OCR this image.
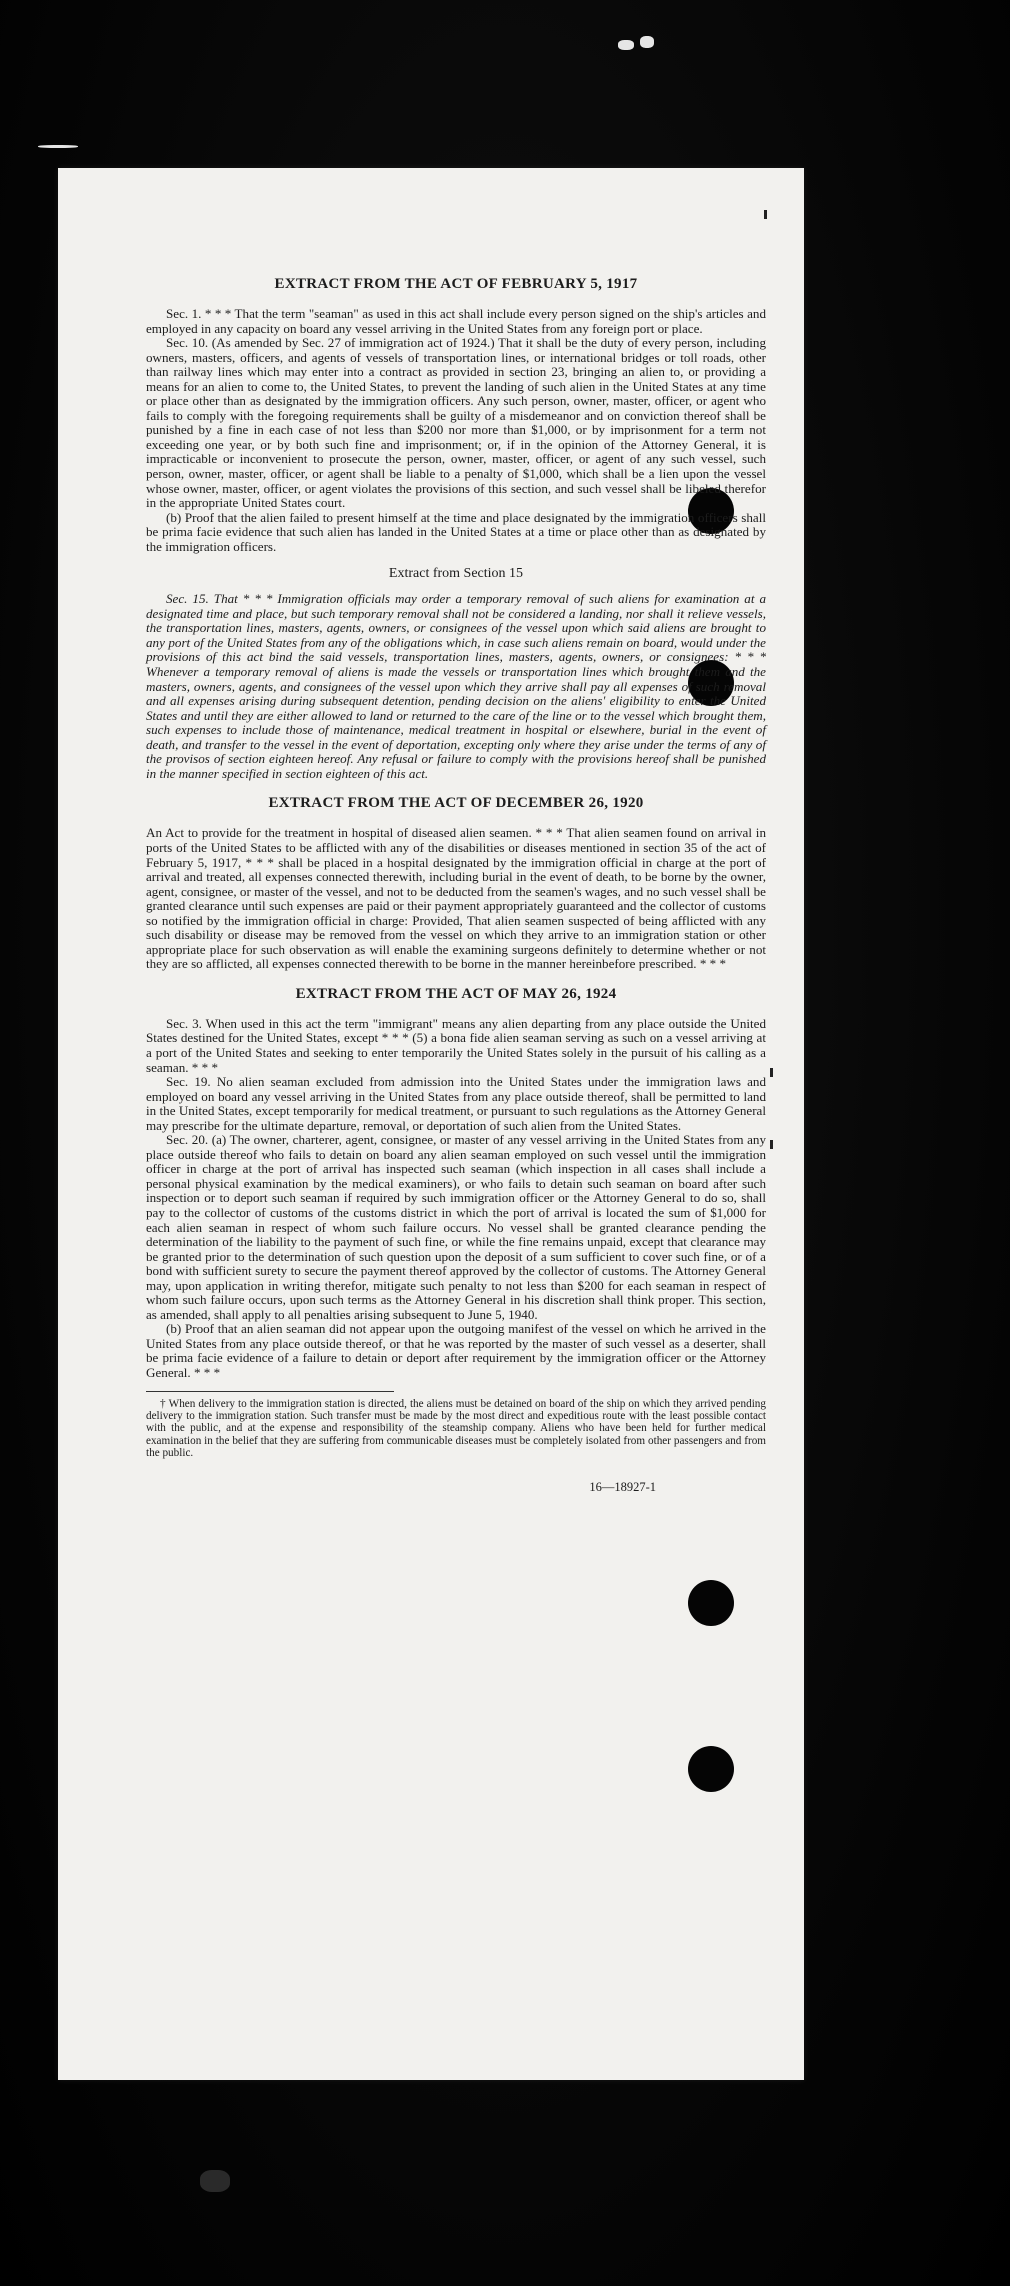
EXTRACT FROM THE ACT OF FEBRUARY 5, 1917

Sec. 1. * * * That the term "seaman" as used in this act shall include every person signed on the ship's articles and employed in any capacity on board any vessel arriving in the United States from any foreign port or place.

Sec. 10. (As amended by Sec. 27 of immigration act of 1924.) That it shall be the duty of every person, including owners, masters, officers, and agents of vessels of transportation lines, or international bridges or toll roads, other than railway lines which may enter into a contract as provided in section 23, bringing an alien to, or providing a means for an alien to come to, the United States, to prevent the landing of such alien in the United States at any time or place other than as designated by the immigration officers. Any such person, owner, master, officer, or agent who fails to comply with the foregoing requirements shall be guilty of a misdemeanor and on conviction thereof shall be punished by a fine in each case of not less than $200 nor more than $1,000, or by imprisonment for a term not exceeding one year, or by both such fine and imprisonment; or, if in the opinion of the Attorney General, it is impracticable or inconvenient to prosecute the person, owner, master, officer, or agent of any such vessel, such person, owner, master, officer, or agent shall be liable to a penalty of $1,000, which shall be a lien upon the vessel whose owner, master, officer, or agent violates the provisions of this section, and such vessel shall be libeled therefor in the appropriate United States court.

(b) Proof that the alien failed to present himself at the time and place designated by the immigration officers shall be prima facie evidence that such alien has landed in the United States at a time or place other than as designated by the immigration officers.

Extract from Section 15

Sec. 15. That * * * Immigration officials may order a temporary removal of such aliens for examination at a designated time and place, but such temporary removal shall not be considered a landing, nor shall it relieve vessels, the transportation lines, masters, agents, owners, or consignees of the vessel upon which said aliens are brought to any port of the United States from any of the obligations which, in case such aliens remain on board, would under the provisions of this act bind the said vessels, transportation lines, masters, agents, owners, or consignees: * * * Whenever a temporary removal of aliens is made the vessels or transportation lines which brought them and the masters, owners, agents, and consignees of the vessel upon which they arrive shall pay all expenses of such removal and all expenses arising during subsequent detention, pending decision on the aliens' eligibility to enter the United States and until they are either allowed to land or returned to the care of the line or to the vessel which brought them, such expenses to include those of maintenance, medical treatment in hospital or elsewhere, burial in the event of death, and transfer to the vessel in the event of deportation, excepting only where they arise under the terms of any of the provisos of section eighteen hereof. Any refusal or failure to comply with the provisions hereof shall be punished in the manner specified in section eighteen of this act.

EXTRACT FROM THE ACT OF DECEMBER 26, 1920

An Act to provide for the treatment in hospital of diseased alien seamen. * * * That alien seamen found on arrival in ports of the United States to be afflicted with any of the disabilities or diseases mentioned in section 35 of the act of February 5, 1917, * * * shall be placed in a hospital designated by the immigration official in charge at the port of arrival and treated, all expenses connected therewith, including burial in the event of death, to be borne by the owner, agent, consignee, or master of the vessel, and not to be deducted from the seamen's wages, and no such vessel shall be granted clearance until such expenses are paid or their payment appropriately guaranteed and the collector of customs so notified by the immigration official in charge: Provided, That alien seamen suspected of being afflicted with any such disability or disease may be removed from the vessel on which they arrive to an immigration station or other appropriate place for such observation as will enable the examining surgeons definitely to determine whether or not they are so afflicted, all expenses connected therewith to be borne in the manner hereinbefore prescribed. * * *

EXTRACT FROM THE ACT OF MAY 26, 1924

Sec. 3. When used in this act the term "immigrant" means any alien departing from any place outside the United States destined for the United States, except * * * (5) a bona fide alien seaman serving as such on a vessel arriving at a port of the United States and seeking to enter temporarily the United States solely in the pursuit of his calling as a seaman. * * *

Sec. 19. No alien seaman excluded from admission into the United States under the immigration laws and employed on board any vessel arriving in the United States from any place outside thereof, shall be permitted to land in the United States, except temporarily for medical treatment, or pursuant to such regulations as the Attorney General may prescribe for the ultimate departure, removal, or deportation of such alien from the United States.

Sec. 20. (a) The owner, charterer, agent, consignee, or master of any vessel arriving in the United States from any place outside thereof who fails to detain on board any alien seaman employed on such vessel until the immigration officer in charge at the port of arrival has inspected such seaman (which inspection in all cases shall include a personal physical examination by the medical examiners), or who fails to detain such seaman on board after such inspection or to deport such seaman if required by such immigration officer or the Attorney General to do so, shall pay to the collector of customs of the customs district in which the port of arrival is located the sum of $1,000 for each alien seaman in respect of whom such failure occurs. No vessel shall be granted clearance pending the determination of the liability to the payment of such fine, or while the fine remains unpaid, except that clearance may be granted prior to the determination of such question upon the deposit of a sum sufficient to cover such fine, or of a bond with sufficient surety to secure the payment thereof approved by the collector of customs. The Attorney General may, upon application in writing therefor, mitigate such penalty to not less than $200 for each seaman in respect of whom such failure occurs, upon such terms as the Attorney General in his discretion shall think proper. This section, as amended, shall apply to all penalties arising subsequent to June 5, 1940.

(b) Proof that an alien seaman did not appear upon the outgoing manifest of the vessel on which he arrived in the United States from any place outside thereof, or that he was reported by the master of such vessel as a deserter, shall be prima facie evidence of a failure to detain or deport after requirement by the immigration officer or the Attorney General. * * *

† When delivery to the immigration station is directed, the aliens must be detained on board of the ship on which they arrived pending delivery to the immigration station. Such transfer must be made by the most direct and expeditious route with the least possible contact with the public, and at the expense and responsibility of the steamship company. Aliens who have been held for further medical examination in the belief that they are suffering from communicable diseases must be completely isolated from other passengers and from the public.

16—18927-1
